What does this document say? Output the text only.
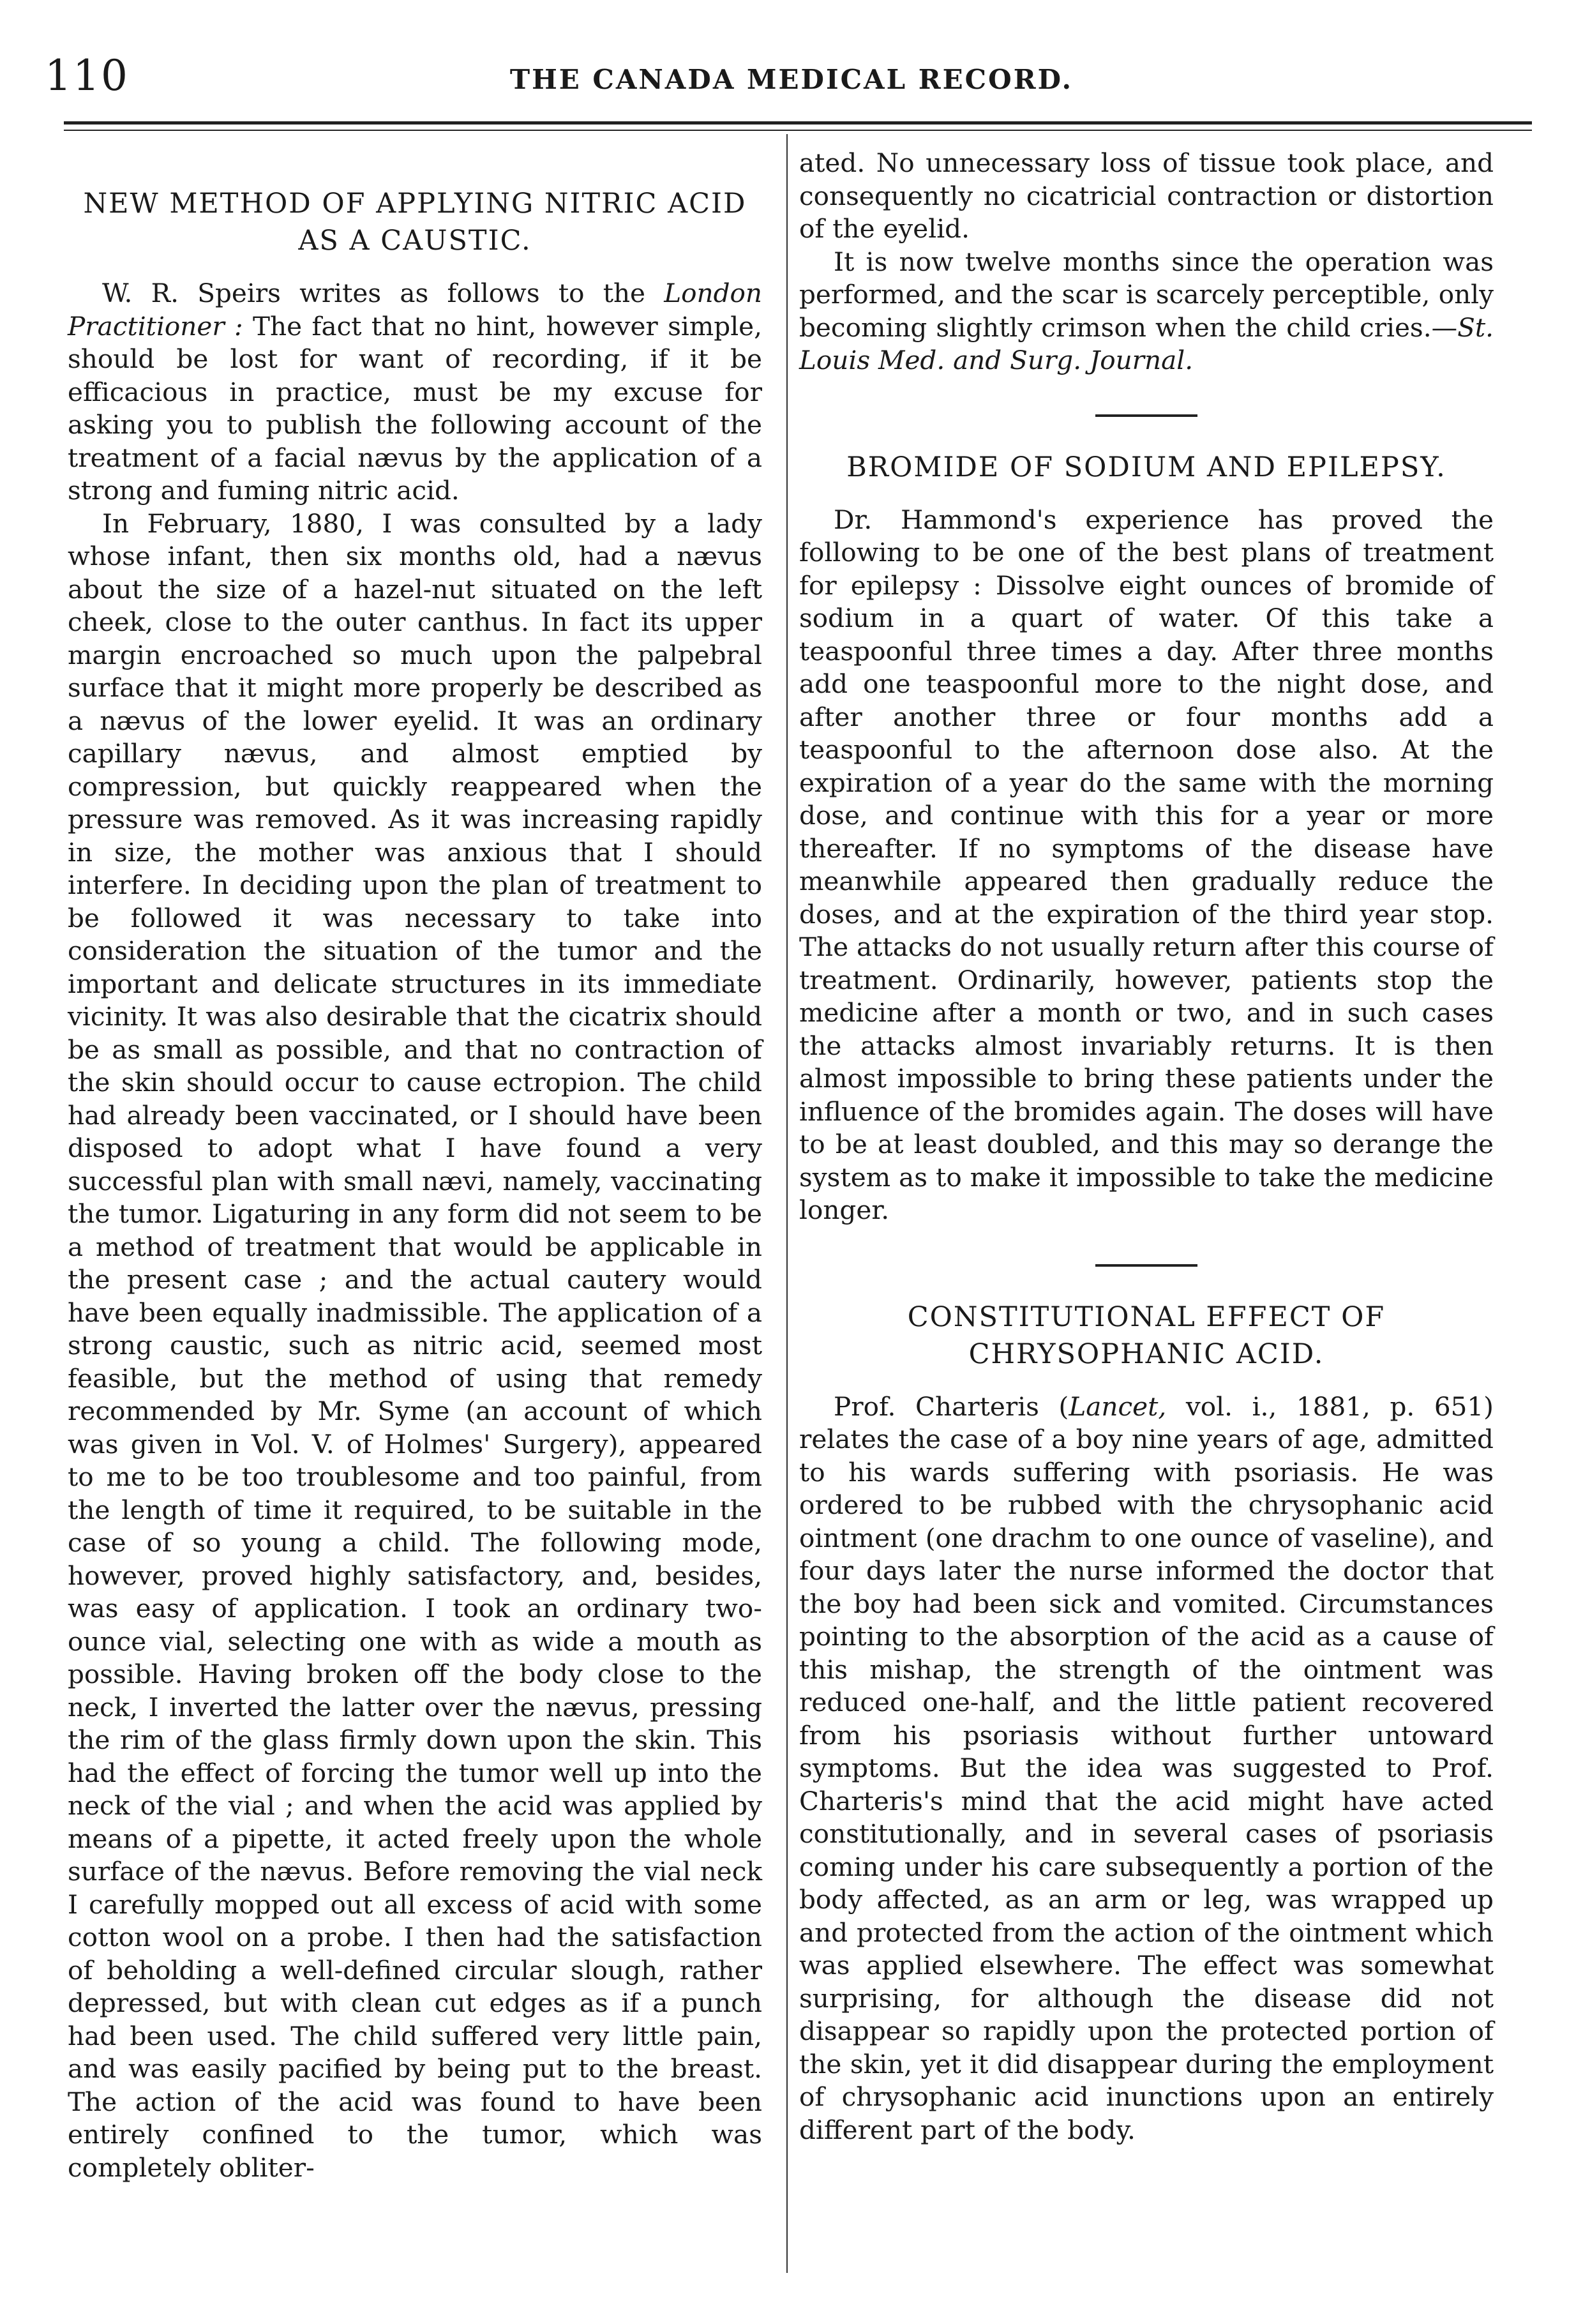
110	THE CANADA MEDICAL RECORD.
NEW METHOD OF APPLYING NITRIC ACID AS A CAUSTIC.

W. R. Speirs writes as follows to the London Practitioner : The fact that no hint, however simple, should be lost for want of recording, if it be efficacious in practice, must be my excuse for asking you to publish the following account of the treatment of a facial nævus by the application of a strong and fuming nitric acid.

In February, 1880, I was consulted by a lady whose infant, then six months old, had a nævus about the size of a hazel-nut situated on the left cheek, close to the outer canthus. In fact its upper margin encroached so much upon the palpebral surface that it might more properly be described as a nævus of the lower eyelid. It was an ordinary capillary nævus, and almost emptied by compression, but quickly reappeared when the pressure was removed. As it was increasing rapidly in size, the mother was anxious that I should interfere. In deciding upon the plan of treatment to be followed it was necessary to take into consideration the situation of the tumor and the important and delicate structures in its immediate vicinity. It was also desirable that the cicatrix should be as small as possible, and that no contraction of the skin should occur to cause ectropion. The child had already been vaccinated, or I should have been disposed to adopt what I have found a very successful plan with small nævi, namely, vaccinating the tumor. Ligaturing in any form did not seem to be a method of treatment that would be applicable in the present case ; and the actual cautery would have been equally inadmissible. The application of a strong caustic, such as nitric acid, seemed most feasible, but the method of using that remedy recommended by Mr. Syme (an account of which was given in Vol. V. of Holmes' Surgery), appeared to me to be too troublesome and too painful, from the length of time it required, to be suitable in the case of so young a child. The following mode, however, proved highly satisfactory, and, besides, was easy of application. I took an ordinary two-ounce vial, selecting one with as wide a mouth as possible. Having broken off the body close to the neck, I inverted the latter over the nævus, pressing the rim of the glass firmly down upon the skin. This had the effect of forcing the tumor well up into the neck of the vial ; and when the acid was applied by means of a pipette, it acted freely upon the whole surface of the nævus. Before removing the vial neck I carefully mopped out all excess of acid with some cotton wool on a probe. I then had the satisfaction of beholding a well-defined circular slough, rather depressed, but with clean cut edges as if a punch had been used. The child suffered very little pain, and was easily pacified by being put to the breast. The action of the acid was found to have been entirely confined to the tumor, which was completely obliter-

ated. No unnecessary loss of tissue took place, and consequently no cicatricial contraction or distortion of the eyelid.

It is now twelve months since the operation was performed, and the scar is scarcely perceptible, only becoming slightly crimson when the child cries.—St. Louis Med. and Surg. Journal.

BROMIDE OF SODIUM AND EPILEPSY.

Dr. Hammond's experience has proved the following to be one of the best plans of treatment for epilepsy : Dissolve eight ounces of bromide of sodium in a quart of water. Of this take a teaspoonful three times a day. After three months add one teaspoonful more to the night dose, and after another three or four months add a teaspoonful to the afternoon dose also. At the expiration of a year do the same with the morning dose, and continue with this for a year or more thereafter. If no symptoms of the disease have meanwhile appeared then gradually reduce the doses, and at the expiration of the third year stop. The attacks do not usually return after this course of treatment. Ordinarily, however, patients stop the medicine after a month or two, and in such cases the attacks almost invariably returns. It is then almost impossible to bring these patients under the influence of the bromides again. The doses will have to be at least doubled, and this may so derange the system as to make it impossible to take the medicine longer.

CONSTITUTIONAL EFFECT OF CHRYSOPHANIC ACID.

Prof. Charteris (Lancet, vol. i., 1881, p. 651) relates the case of a boy nine years of age, admitted to his wards suffering with psoriasis. He was ordered to be rubbed with the chrysophanic acid ointment (one drachm to one ounce of vaseline), and four days later the nurse informed the doctor that the boy had been sick and vomited. Circumstances pointing to the absorption of the acid as a cause of this mishap, the strength of the ointment was reduced one-half, and the little patient recovered from his psoriasis without further untoward symptoms. But the idea was suggested to Prof. Charteris's mind that the acid might have acted constitutionally, and in several cases of psoriasis coming under his care subsequently a portion of the body affected, as an arm or leg, was wrapped up and protected from the action of the ointment which was applied elsewhere. The effect was somewhat surprising, for although the disease did not disappear so rapidly upon the protected portion of the skin, yet it did disappear during the employment of chrysophanic acid inunctions upon an entirely different part of the body.
